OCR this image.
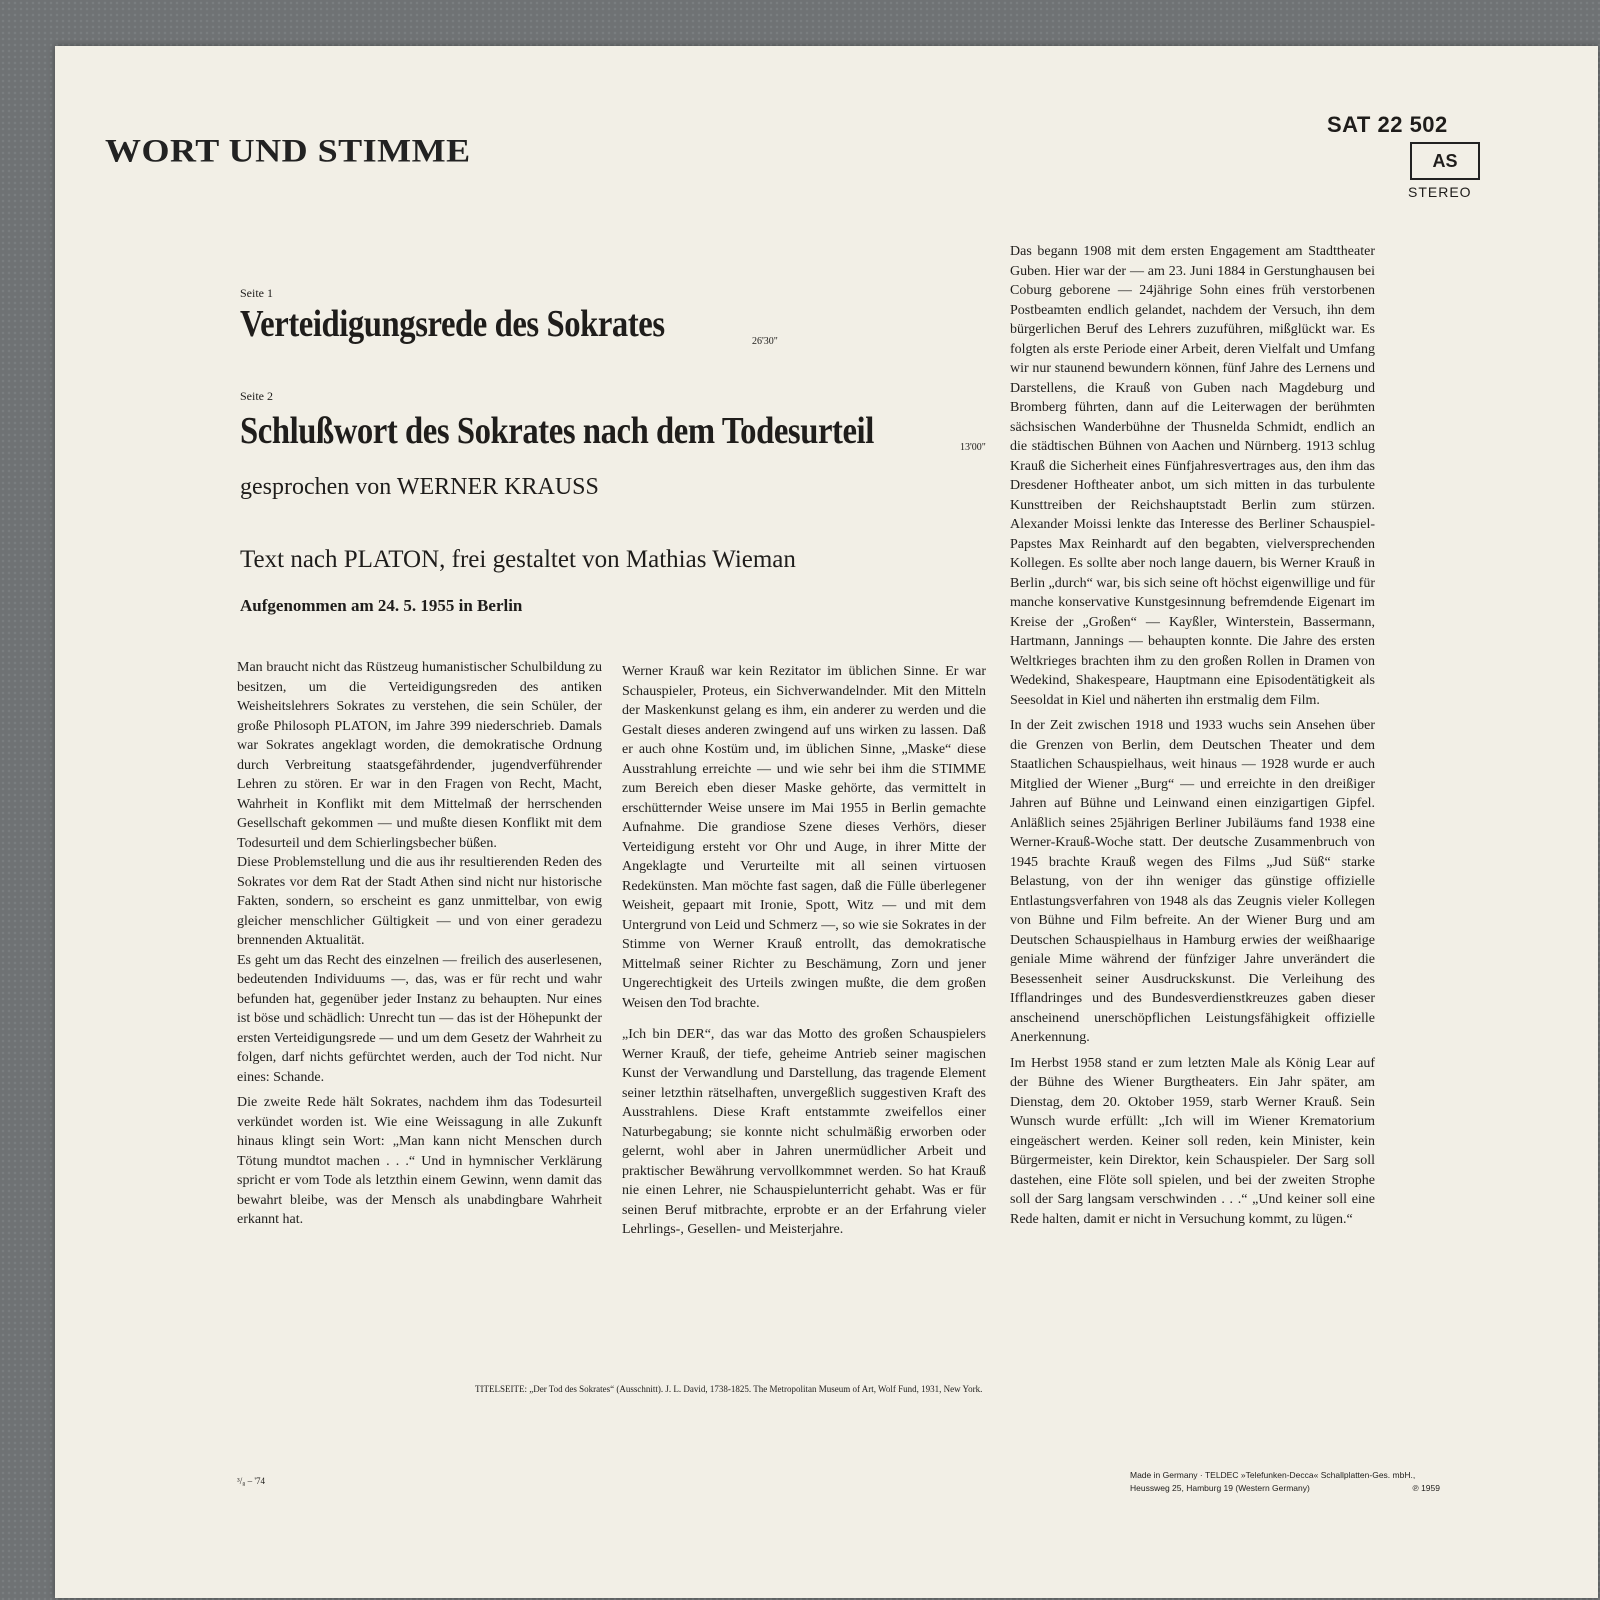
WORT UND STIMME
SAT 22 502
AS
STEREO
Seite 1
Verteidigungsrede des Sokrates	26'30"
Seite 2
Schlußwort des Sokrates nach dem Todesurteil	13'00"
gesprochen von WERNER KRAUSS
Text nach PLATON, frei gestaltet von Mathias Wieman
Aufgenommen am 24. 5. 1955 in Berlin

Man braucht nicht das Rüstzeug humanistischer Schulbildung zu besitzen, um die Verteidigungsreden des antiken Weisheitslehrers Sokrates zu verstehen, die sein Schüler, der große Philosoph PLATON, im Jahre 399 niederschrieb. Damals war Sokrates angeklagt worden, die demokratische Ordnung durch Verbreitung staatsgefährdender, jugendverführender Lehren zu stören. Er war in den Fragen von Recht, Macht, Wahrheit in Konflikt mit dem Mittelmaß der herrschenden Gesellschaft gekommen — und mußte diesen Konflikt mit dem Todesurteil und dem Schierlingsbecher büßen.

Diese Problemstellung und die aus ihr resultierenden Reden des Sokrates vor dem Rat der Stadt Athen sind nicht nur historische Fakten, sondern, so erscheint es ganz unmittelbar, von ewig gleicher menschlicher Gültigkeit — und von einer geradezu brennenden Aktualität.

Es geht um das Recht des einzelnen — freilich des auserlesenen, bedeutenden Individuums —, das, was er für recht und wahr befunden hat, gegenüber jeder Instanz zu behaupten. Nur eines ist böse und schädlich: Unrecht tun — das ist der Höhepunkt der ersten Verteidigungsrede — und um dem Gesetz der Wahrheit zu folgen, darf nichts gefürchtet werden, auch der Tod nicht. Nur eines: Schande.

Die zweite Rede hält Sokrates, nachdem ihm das Todesurteil verkündet worden ist. Wie eine Weissagung in alle Zukunft hinaus klingt sein Wort: „Man kann nicht Menschen durch Tötung mundtot machen . . .“ Und in hymnischer Verklärung spricht er vom Tode als letzthin einem Gewinn, wenn damit das bewahrt bleibe, was der Mensch als unabdingbare Wahrheit erkannt hat.

Werner Krauß war kein Rezitator im üblichen Sinne. Er war Schauspieler, Proteus, ein Sichverwandelnder. Mit den Mitteln der Maskenkunst gelang es ihm, ein anderer zu werden und die Gestalt dieses anderen zwingend auf uns wirken zu lassen. Daß er auch ohne Kostüm und, im üblichen Sinne, „Maske“ diese Ausstrahlung erreichte — und wie sehr bei ihm die STIMME zum Bereich eben dieser Maske gehörte, das vermittelt in erschütternder Weise unsere im Mai 1955 in Berlin gemachte Aufnahme. Die grandiose Szene dieses Verhörs, dieser Verteidigung ersteht vor Ohr und Auge, in ihrer Mitte der Angeklagte und Verurteilte mit all seinen virtuosen Redekünsten. Man möchte fast sagen, daß die Fülle überlegener Weisheit, gepaart mit Ironie, Spott, Witz — und mit dem Untergrund von Leid und Schmerz —, so wie sie Sokrates in der Stimme von Werner Krauß entrollt, das demokratische Mittelmaß seiner Richter zu Beschämung, Zorn und jener Ungerechtigkeit des Urteils zwingen mußte, die dem großen Weisen den Tod brachte.

„Ich bin DER“, das war das Motto des großen Schauspielers Werner Krauß, der tiefe, geheime Antrieb seiner magischen Kunst der Verwandlung und Darstellung, das tragende Element seiner letzthin rätselhaften, unvergeßlich suggestiven Kraft des Ausstrahlens. Diese Kraft entstammte zweifellos einer Naturbegabung; sie konnte nicht schulmäßig erworben oder gelernt, wohl aber in Jahren unermüdlicher Arbeit und praktischer Bewährung vervollkommnet werden. So hat Krauß nie einen Lehrer, nie Schauspielunterricht gehabt. Was er für seinen Beruf mitbrachte, erprobte er an der Erfahrung vieler Lehrlings-, Gesellen- und Meisterjahre.

Das begann 1908 mit dem ersten Engagement am Stadttheater Guben. Hier war der — am 23. Juni 1884 in Gerstunghausen bei Coburg geborene — 24jährige Sohn eines früh verstorbenen Postbeamten endlich gelandet, nachdem der Versuch, ihn dem bürgerlichen Beruf des Lehrers zuzuführen, mißglückt war. Es folgten als erste Periode einer Arbeit, deren Vielfalt und Umfang wir nur staunend bewundern können, fünf Jahre des Lernens und Darstellens, die Krauß von Guben nach Magdeburg und Bromberg führten, dann auf die Leiterwagen der berühmten sächsischen Wanderbühne der Thusnelda Schmidt, endlich an die städtischen Bühnen von Aachen und Nürnberg. 1913 schlug Krauß die Sicherheit eines Fünfjahresvertrages aus, den ihm das Dresdener Hoftheater anbot, um sich mitten in das turbulente Kunsttreiben der Reichshauptstadt Berlin zum stürzen. Alexander Moissi lenkte das Interesse des Berliner Schauspiel-Papstes Max Reinhardt auf den begabten, vielversprechenden Kollegen. Es sollte aber noch lange dauern, bis Werner Krauß in Berlin „durch“ war, bis sich seine oft höchst eigenwillige und für manche konservative Kunstgesinnung befremdende Eigenart im Kreise der „Großen“ — Kayßler, Winterstein, Bassermann, Hartmann, Jannings — behaupten konnte. Die Jahre des ersten Weltkrieges brachten ihm zu den großen Rollen in Dramen von Wedekind, Shakespeare, Hauptmann eine Episodentätigkeit als Seesoldat in Kiel und näherten ihn erstmalig dem Film.

In der Zeit zwischen 1918 und 1933 wuchs sein Ansehen über die Grenzen von Berlin, dem Deutschen Theater und dem Staatlichen Schauspielhaus, weit hinaus — 1928 wurde er auch Mitglied der Wiener „Burg“ — und erreichte in den dreißiger Jahren auf Bühne und Leinwand einen einzigartigen Gipfel. Anläßlich seines 25jährigen Berliner Jubiläums fand 1938 eine Werner-Krauß-Woche statt. Der deutsche Zusammenbruch von 1945 brachte Krauß wegen des Films „Jud Süß“ starke Belastung, von der ihn weniger das günstige offizielle Entlastungsverfahren von 1948 als das Zeugnis vieler Kollegen von Bühne und Film befreite. An der Wiener Burg und am Deutschen Schauspielhaus in Hamburg erwies der weißhaarige geniale Mime während der fünfziger Jahre unverändert die Besessenheit seiner Ausdruckskunst. Die Verleihung des Ifflandringes und des Bundesverdienstkreuzes gaben dieser anscheinend unerschöpflichen Leistungsfähigkeit offizielle Anerkennung.

Im Herbst 1958 stand er zum letzten Male als König Lear auf der Bühne des Wiener Burgtheaters. Ein Jahr später, am Dienstag, dem 20. Oktober 1959, starb Werner Krauß. Sein Wunsch wurde erfüllt: „Ich will im Wiener Krematorium eingeäschert werden. Keiner soll reden, kein Minister, kein Bürgermeister, kein Direktor, kein Schauspieler. Der Sarg soll dastehen, eine Flöte soll spielen, und bei der zweiten Strophe soll der Sarg langsam verschwinden . . .“ „Und keiner soll eine Rede halten, damit er nicht in Versuchung kommt, zu lügen.“

TITELSEITE: „Der Tod des Sokrates“ (Ausschnitt). J. L. David, 1738-1825. The Metropolitan Museum of Art, Wolf Fund, 1931, New York.
³/₈ – '74
Made in Germany · TELDEC »Telefunken-Decca« Schallplatten-Ges. mbH.,
Heussweg 25, Hamburg 19 (Western Germany)	℗ 1959
